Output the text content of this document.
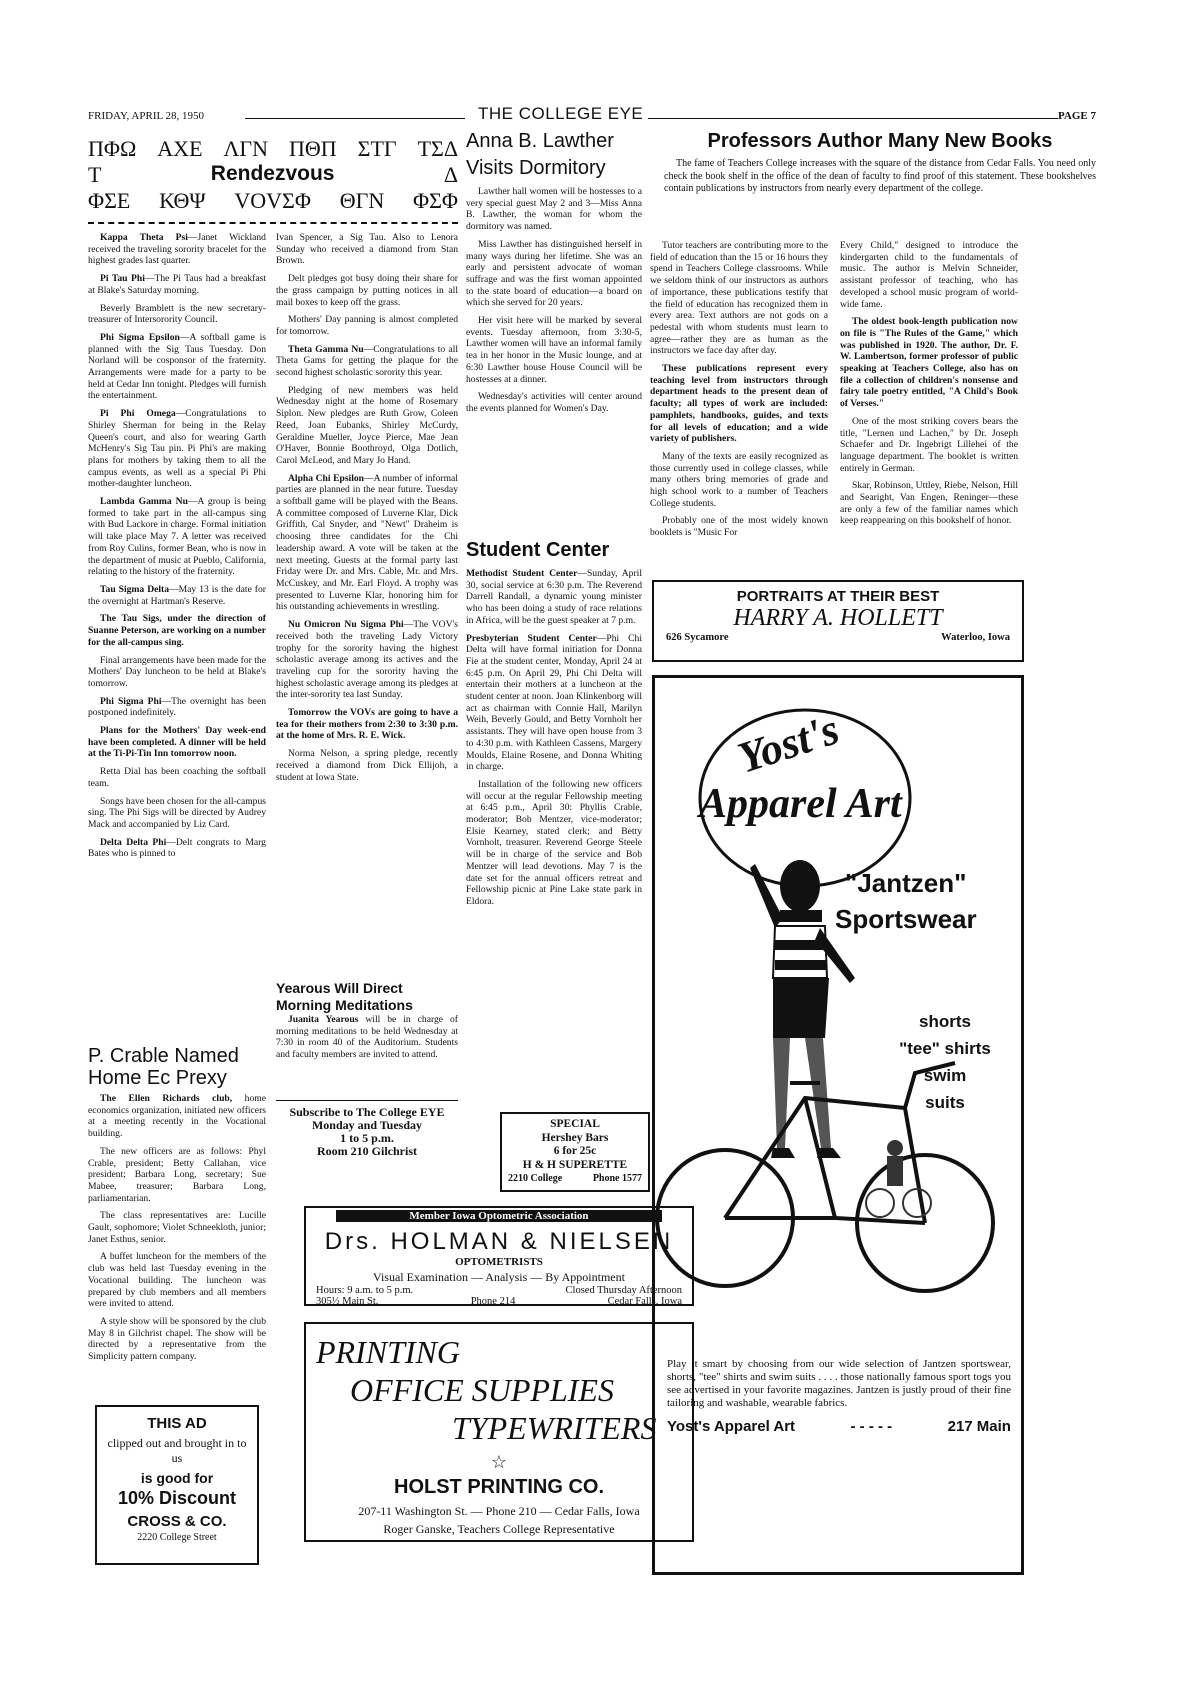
FRIDAY, APRIL 28, 1950	THE COLLEGE EYE	PAGE 7
ΠΦΩ ΑΧΕ ΛΓΝ ΠΘΠ ΣΤΓ ΤΣΔ
Τ	Rendezvous	Δ
ΦΣΕ ΚΘΨ VOVΣΦ ΘΓΝ ΦΣΦ

Kappa Theta Psi—Janet Wickland received the traveling sorority bracelet for the highest grades last quarter.

Pi Tau Phi—The Pi Taus had a breakfast at Blake's Saturday morning.

Beverly Bramblett is the new secretary-treasurer of Intersorority Council.

Phi Sigma Epsilon—A softball game is planned with the Sig Taus Tuesday. Don Norland will be cosponsor of the fraternity. Arrangements were made for a party to be held at Cedar Inn tonight. Pledges will furnish the entertainment.

Pi Phi Omega—Congratulations to Shirley Sherman for being in the Relay Queen's court, and also for wearing Garth McHenry's Sig Tau pin. Pi Phi's are making plans for mothers by taking them to all the campus events, as well as a special Pi Phi mother-daughter luncheon.

Lambda Gamma Nu—A group is being formed to take part in the all-campus sing with Bud Lackore in charge. Formal initiation will take place May 7. A letter was received from Roy Culins, former Bean, who is now in the department of music at Pueblo, California, relating to the history of the fraternity.

Tau Sigma Delta—May 13 is the date for the overnight at Hartman's Reserve.

The Tau Sigs, under the direction of Suanne Peterson, are working on a number for the all-campus sing.

Final arrangements have been made for the Mothers' Day luncheon to be held at Blake's tomorrow.

Phi Sigma Phi—The overnight has been postponed indefinitely.

Plans for the Mothers' Day week-end have been completed. A dinner will be held at the Ti-Pi-Tin Inn tomorrow noon.

Retta Dial has been coaching the softball team.

Songs have been chosen for the all-campus sing. The Phi Sigs will be directed by Audrey Mack and accompanied by Liz Card.

Delta Delta Phi—Delt congrats to Marg Bates who is pinned to

Ivan Spencer, a Sig Tau. Also to Lenora Sunday who received a diamond from Stan Brown.

Delt pledges got busy doing their share for the grass campaign by putting notices in all mail boxes to keep off the grass.

Mothers' Day panning is almost completed for tomorrow.

Theta Gamma Nu—Congratulations to all Theta Gams for getting the plaque for the second highest scholastic sorority this year.

Pledging of new members was held Wednesday night at the home of Rosemary Siplon. New pledges are Ruth Grow, Coleen Reed, Joan Eubanks, Shirley McCurdy, Geraldine Mueller, Joyce Pierce, Mae Jean O'Haver, Bonnie Boothroyd, Olga Dotlich, Carol McLeod, and Mary Jo Hand.

Alpha Chi Epsilon—A number of informal parties are planned in the near future. Tuesday a softball game will be played with the Beans. A committee composed of Luverne Klar, Dick Griffith, Cal Snyder, and "Newt" Draheim is choosing three candidates for the Chi leadership award. A vote will be taken at the next meeting. Guests at the formal party last Friday were Dr. and Mrs. Cable, Mr. and Mrs. McCuskey, and Mr. Earl Floyd. A trophy was presented to Luverne Klar, honoring him for his outstanding achievements in wrestling.

Nu Omicron Nu Sigma Phi—The VOV's received both the traveling Lady Victory trophy for the sorority having the highest scholastic average among its actives and the traveling cup for the sorority having the highest scholastic average among its pledges at the inter-sorority tea last Sunday.

Tomorrow the VOVs are going to have a tea for their mothers from 2:30 to 3:30 p.m. at the home of Mrs. R. E. Wick.

Norma Nelson, a spring pledge, recently received a diamond from Dick Ellijoh, a student at Iowa State.

P. Crable Named Home Ec Prexy

The Ellen Richards club, home economics organization, initiated new officers at a meeting recently in the Vocational building.

The new officers are as follows: Phyl Crable, president; Betty Callahan, vice president; Barbara Long, secretary; Sue Mabee, treasurer; Barbara Long, parliamentarian.

The class representatives are: Lucille Gault, sophomore; Violet Schneekloth, junior; Janet Esthus, senior.

A buffet luncheon for the members of the club was held last Tuesday evening in the Vocational building. The luncheon was prepared by club members and all members were invited to attend.

A style show will be sponsored by the club May 8 in Gilchrist chapel. The show will be directed by a representative from the Simplicity pattern company.

THIS AD
clipped out and brought in to us
is good for
10% Discount
CROSS & CO.
2220 College Street
Yearous Will Direct Morning Meditations

Juanita Yearous will be in charge of morning meditations to be held Wednesday at 7:30 in room 40 of the Auditorium. Students and faculty members are invited to attend.

Subscribe to The College EYE
Monday and Tuesday
1 to 5 p.m.
Room 210 Gilchrist
Anna B. Lawther Visits Dormitory

Lawther hall women will be hostesses to a very special guest May 2 and 3—Miss Anna B. Lawther, the woman for whom the dormitory was named.

Miss Lawther has distinguished herself in many ways during her lifetime. She was an early and persistent advocate of woman suffrage and was the first woman appointed to the state board of education—a board on which she served for 20 years.

Her visit here will be marked by several events. Tuesday afternoon, from 3:30-5, Lawther women will have an informal family tea in her honor in the Music lounge, and at 6:30 Lawther house House Council will be hostesses at a dinner.

Wednesday's activities will center around the events planned for Women's Day.

Student Center

Methodist Student Center—Sunday, April 30, social service at 6:30 p.m. The Reverend Darrell Randall, a dynamic young minister who has been doing a study of race relations in Africa, will be the guest speaker at 7 p.m.

Presbyterian Student Center—Phi Chi Delta will have formal initiation for Donna Fie at the student center, Monday, April 24 at 6:45 p.m. On April 29, Phi Chi Delta will entertain their mothers at a luncheon at the student center at noon. Joan Klinkenborg will act as chairman with Connie Hall, Marilyn Weih, Beverly Gould, and Betty Vornholt her assistants. They will have open house from 3 to 4:30 p.m. with Kathleen Cassens, Margery Moulds, Elaine Rosene, and Donna Whiting in charge.

Installation of the following new officers will occur at the regular Fellowship meeting at 6:45 p.m., April 30: Phyllis Crable, moderator; Bob Mentzer, vice-moderator; Elsie Kearney, stated clerk; and Betty Vornholt, treasurer. Reverend George Steele will be in charge of the service and Bob Mentzer will lead devotions. May 7 is the date set for the annual officers retreat and Fellowship picnic at Pine Lake state park in Eldora.

SPECIAL
Hershey Bars
6 for 25c
H & H SUPERETTE
2210 College	Phone 1577
Member Iowa Optometric Association
Drs. HOLMAN & NIELSEN
OPTOMETRISTS
Visual Examination — Analysis — By Appointment
Hours: 9 a.m. to 5 p.m.	Closed Thursday Afternoon
305½ Main St.	Phone 214	Cedar Falls, Iowa
PRINTING
OFFICE SUPPLIES
TYPEWRITERS
☆
HOLST PRINTING CO.
207-11 Washington St. — Phone 210 — Cedar Falls, Iowa
Roger Ganske, Teachers College Representative
Professors Author Many New Books

The fame of Teachers College increases with the square of the distance from Cedar Falls. You need only check the book shelf in the office of the dean of faculty to find proof of this statement. These bookshelves contain publications by instructors from nearly every department of the college.

Tutor teachers are contributing more to the field of education than the 15 or 16 hours they spend in Teachers College classrooms. While we seldom think of our instructors as authors of importance, these publications testify that the field of education has recognized them in every area. Text authors are not gods on a pedestal with whom students must learn to agree—rather they are as human as the instructors we face day after day.

These publications represent every teaching level from instructors through department heads to the present dean of faculty; all types of work are included: pamphlets, handbooks, guides, and texts for all levels of education; and a wide variety of publishers.

Many of the texts are easily recognized as those currently used in college classes, while many others bring memories of grade and high school work to a number of Teachers College students.

Probably one of the most widely known booklets is "Music For

Every Child," designed to introduce the kindergarten child to the fundamentals of music. The author is Melvin Schneider, assistant professor of teaching, who has developed a school music program of world-wide fame.

The oldest book-length publication now on file is "The Rules of the Game," which was published in 1920. The author, Dr. F. W. Lambertson, former professor of public speaking at Teachers College, also has on file a collection of children's nonsense and fairy tale poetry entitled, "A Child's Book of Verses."

One of the most striking covers bears the title, "Lernen und Lachen," by Dr. Joseph Schaefer and Dr. Ingebrigt Lillehei of the language department. The booklet is written entirely in German.

Skar, Robinson, Uttley, Riebe, Nelson, Hill and Searight, Van Engen, Reninger—these are only a few of the familiar names which keep reappearing on this bookshelf of honor.

PORTRAITS AT THEIR BEST
HARRY A. HOLLETT
626 Sycamore	Waterloo, Iowa
Yost's
Apparel Art
"Jantzen"
Sportswear
shorts
"tee" shirts
swim
suits
Play it smart by choosing from our wide selection of Jantzen sportswear, shorts, "tee" shirts and swim suits . . . . those nationally famous sport togs you see advertised in your favorite magazines. Jantzen is justly proud of their fine tailoring and washable, wearable fabrics.
Yost's Apparel Art	- - - - -	217 Main
